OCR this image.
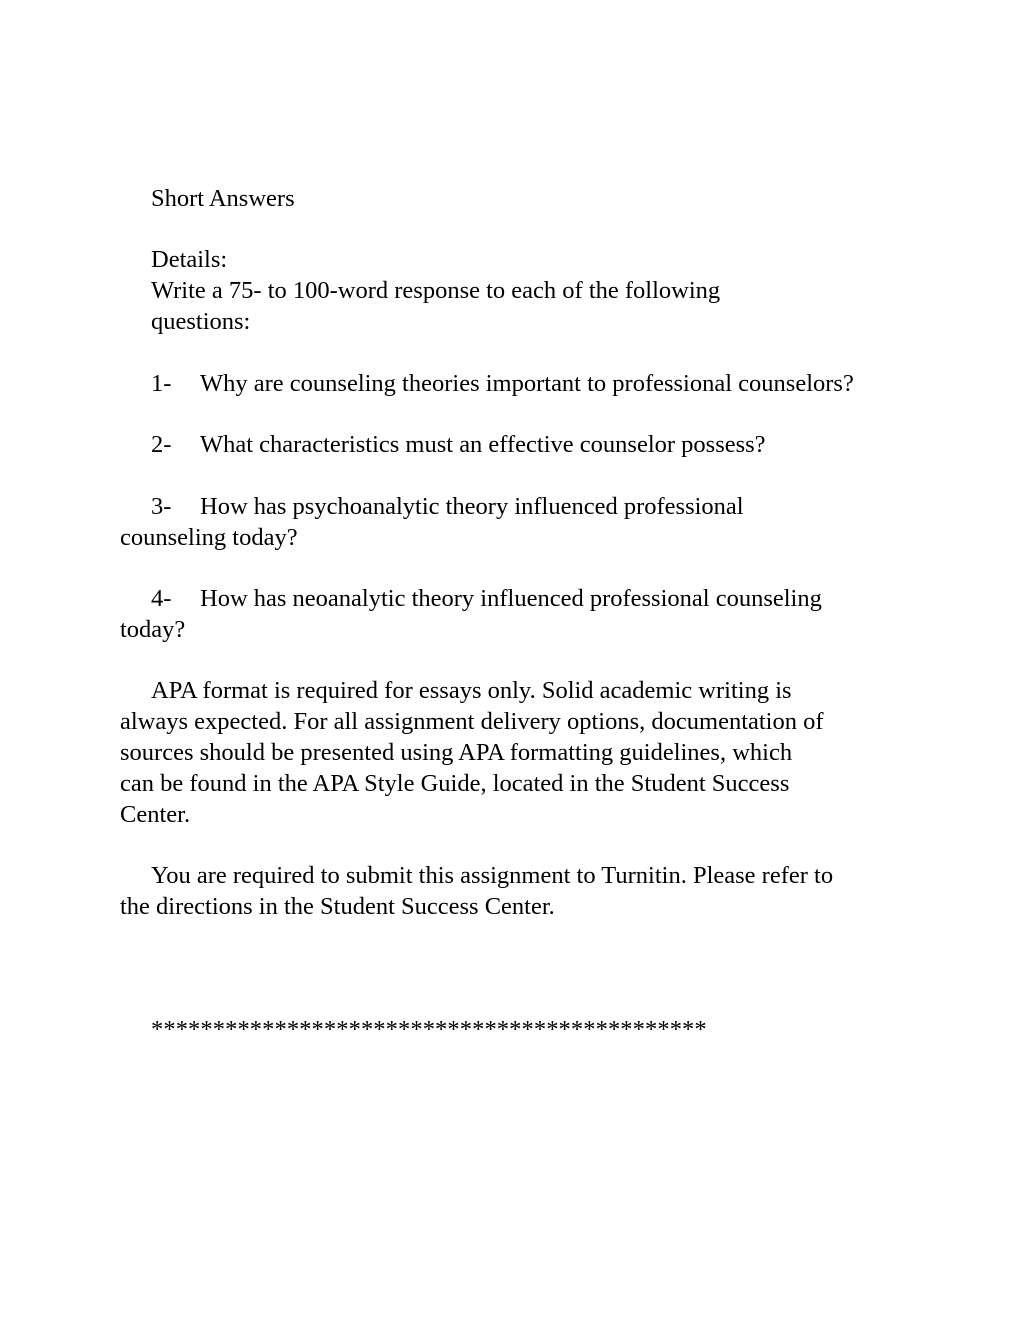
Short Answers

Details:
Write a 75- to 100-word response to each of the following
questions:
1- Why are counseling theories important to professional counselors?
2- What characteristics must an effective counselor possess?
3- How has psychoanalytic theory influenced professional
counseling today?
4- How has neoanalytic theory influenced professional counseling
today?
APA format is required for essays only. Solid academic writing is
always expected. For all assignment delivery options, documentation of
sources should be presented using APA formatting guidelines, which
can be found in the APA Style Guide, located in the Student Success
Center.
You are required to submit this assignment to Turnitin. Please refer to
the directions in the Student Success Center.

*********************************************
